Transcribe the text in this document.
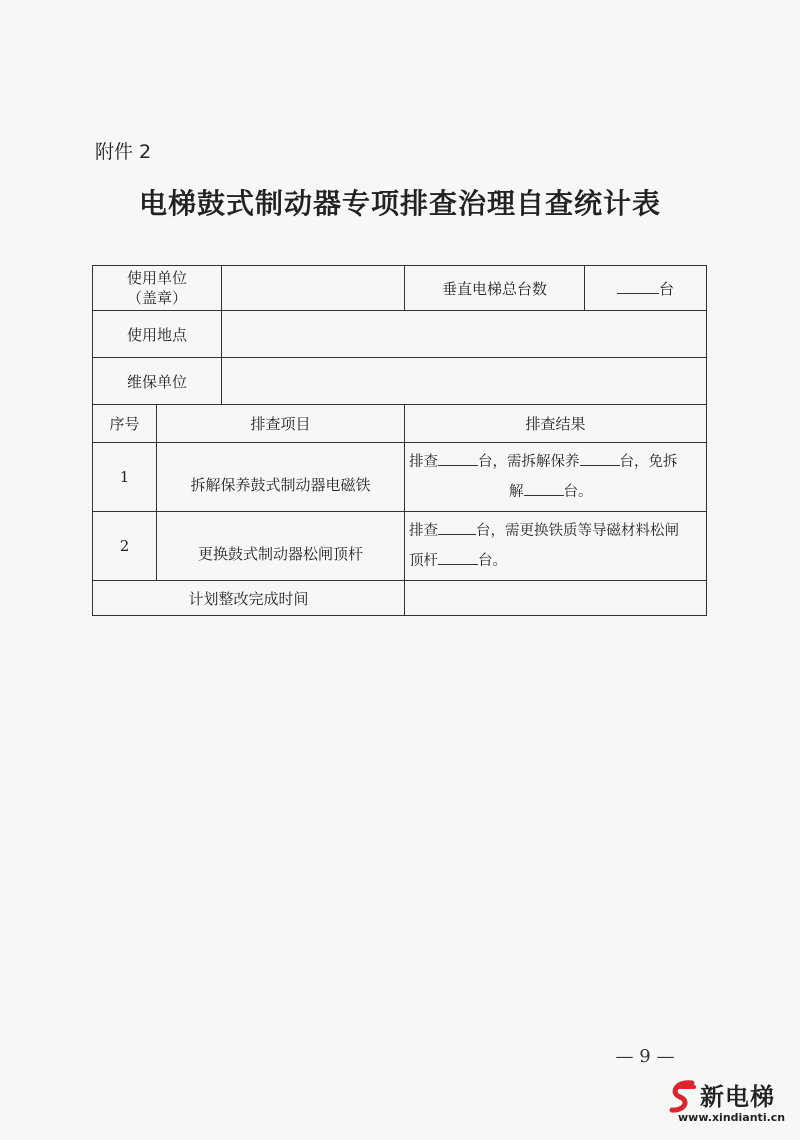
附件 2
电梯鼓式制动器专项排查治理自查统计表
使用单位
（盖章）			垂直电梯总台数	台
使用地点				
维保单位				
序号	排查项目		排查结果	
1	拆解保养鼓式制动器电磁铁		排查 台，需拆解保养 台，免拆
解 台。	

2	更换鼓式制动器松闸顶杆		排查 台，需更换铁质等导磁材料松闸
顶杆 台。	

计划整改完成时间				
— 9 —
新电梯
www.xindianti.cn
